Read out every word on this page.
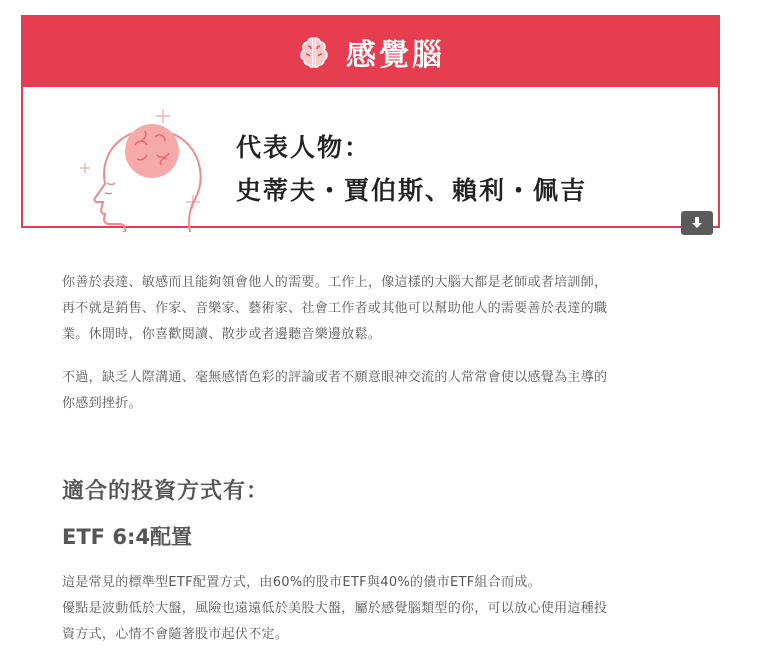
感覺腦
代表人物：
史蒂夫・賈伯斯、賴利・佩吉
你善於表達、敏感而且能夠領會他人的需要。工作上，像這樣的大腦大都是老師或者培訓師，
再不就是銷售、作家、音樂家、藝術家、社會工作者或其他可以幫助他人的需要善於表達的職
業。休閒時，你喜歡閱讀、散步或者邊聽音樂邊放鬆。
不過，缺乏人際溝通、毫無感情色彩的評論或者不願意眼神交流的人常常會使以感覺為主導的
你感到挫折。
適合的投資方式有：
ETF 6:4配置
這是常見的標準型ETF配置方式，由60%的股市ETF與40%的債市ETF組合而成。
優點是波動低於大盤，風險也遠遠低於美股大盤，屬於感覺腦類型的你，可以放心使用這種投
資方式，心情不會隨著股市起伏不定。
